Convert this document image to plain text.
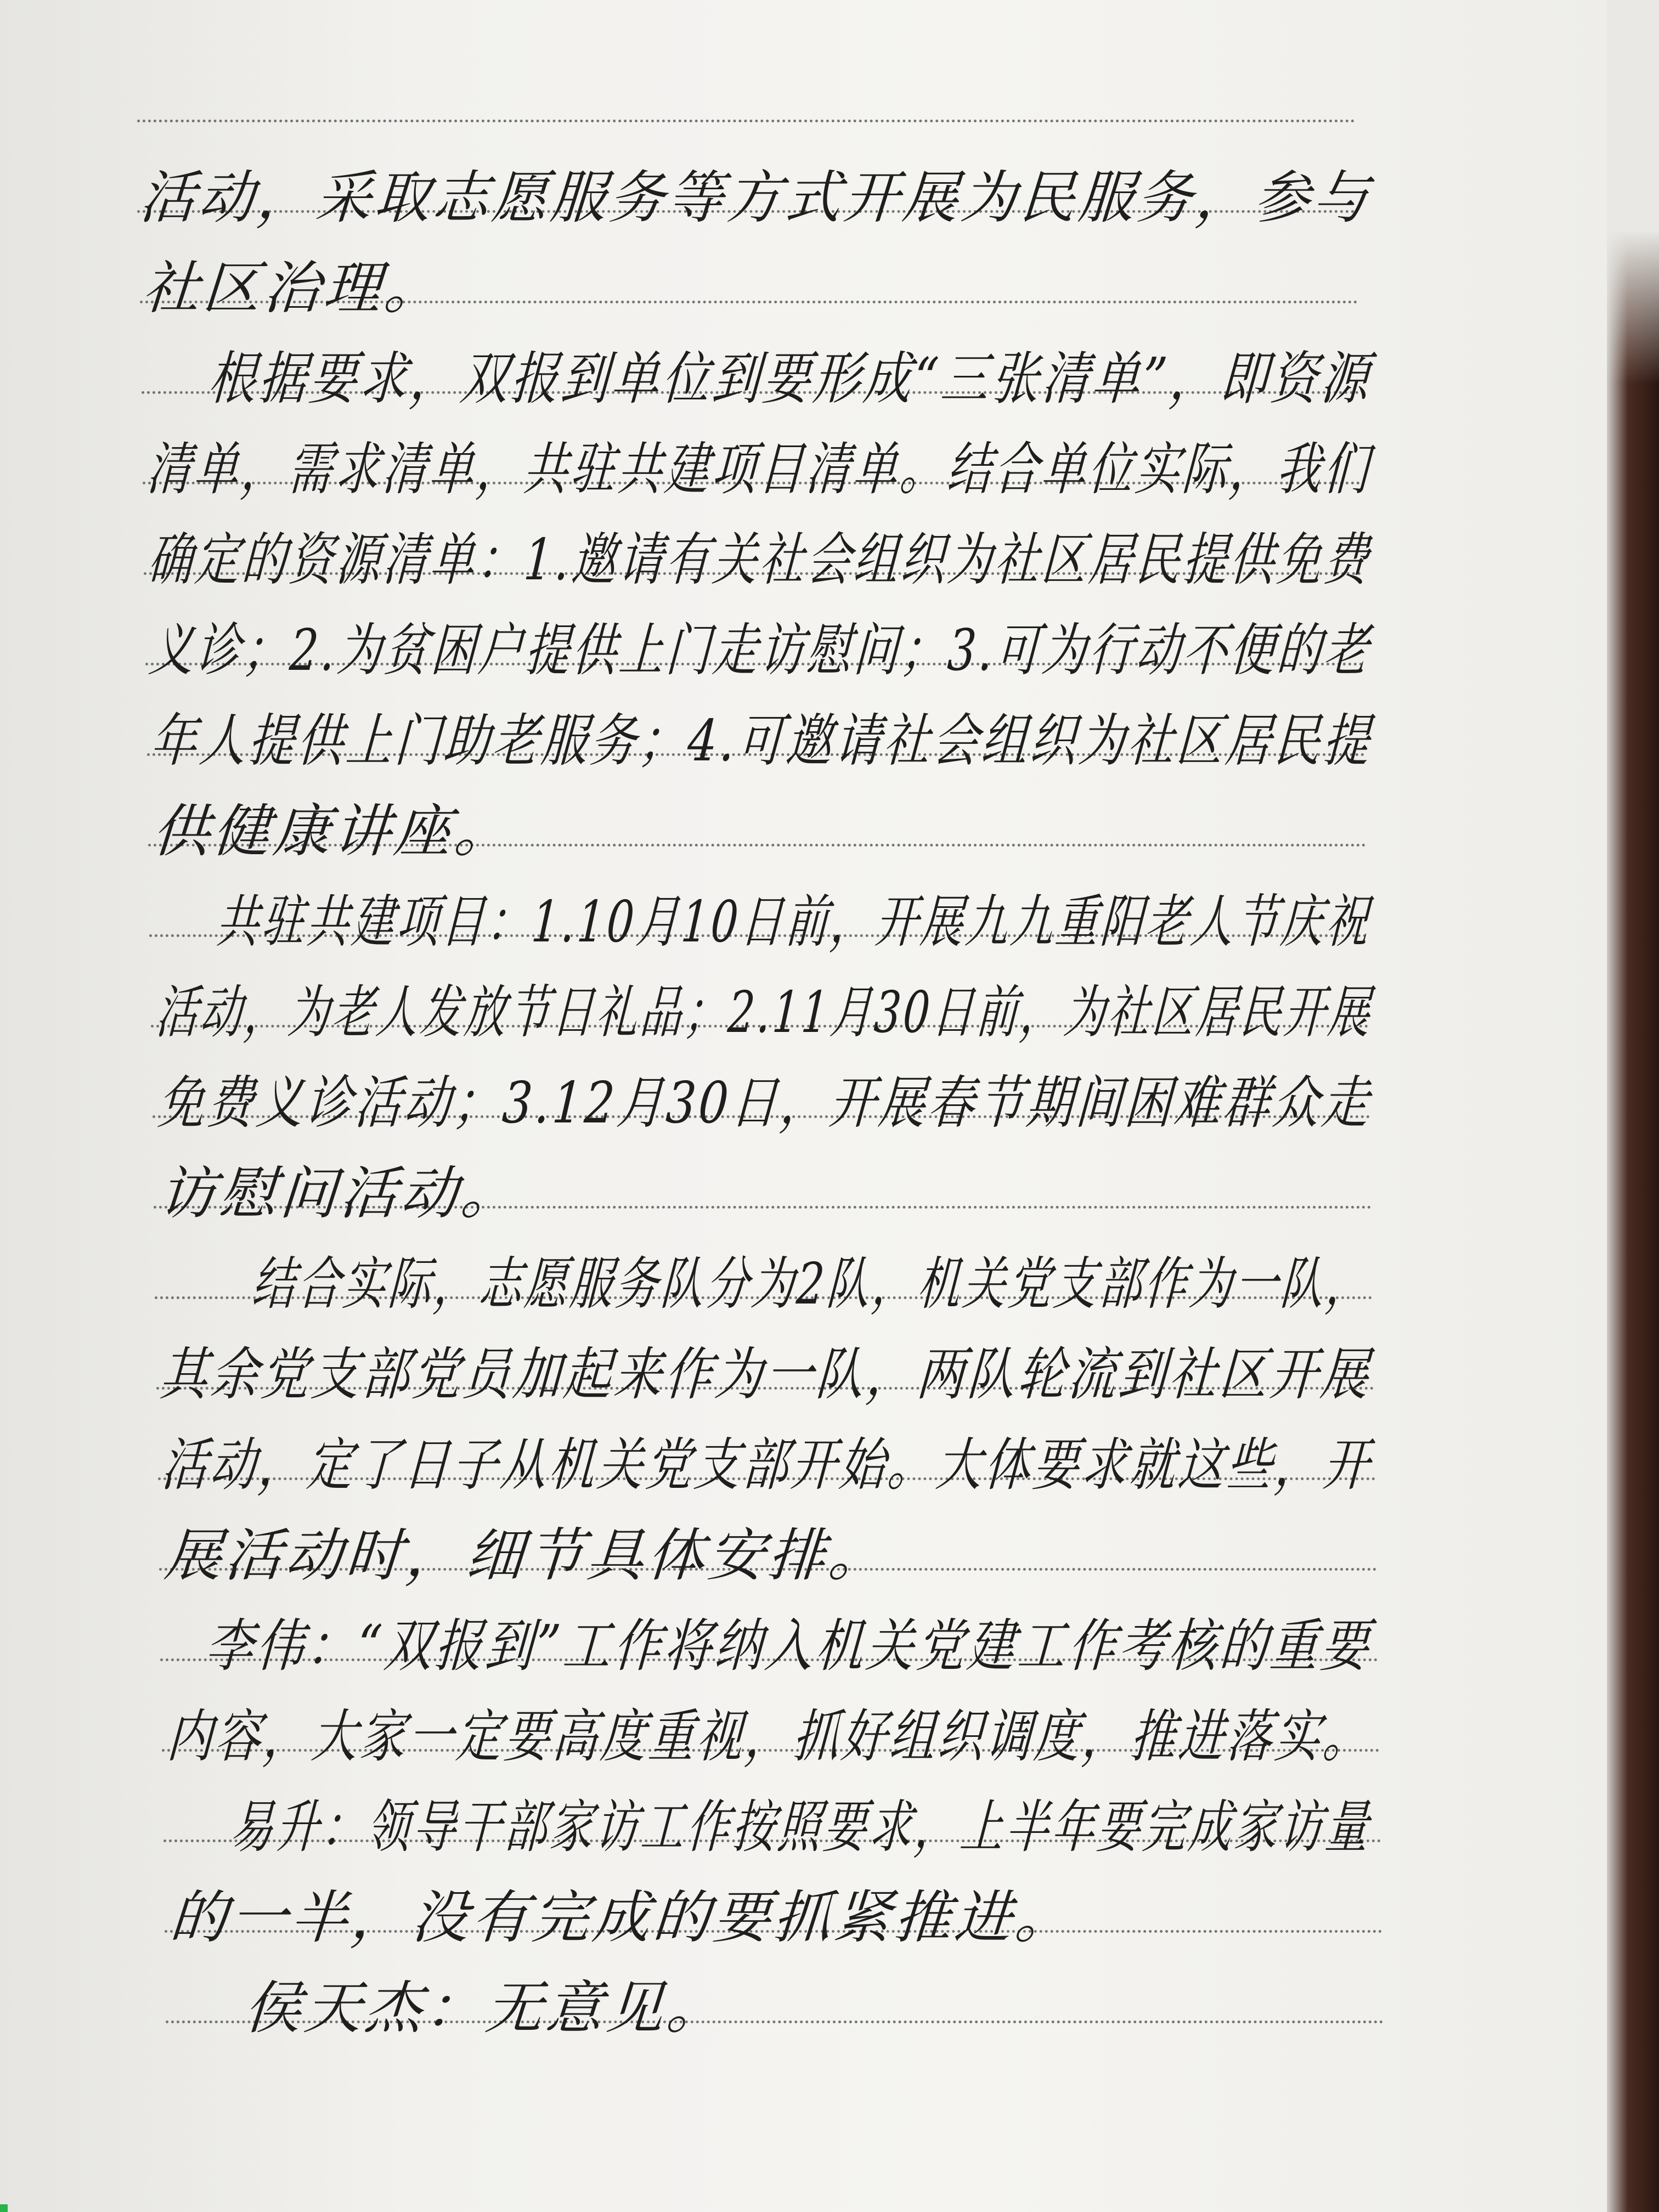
活动，采取志愿服务等方式开展为民服务，参与
社区治理。
根据要求，双报到单位到要形成“三张清单”，即资源
清单，需求清单，共驻共建项目清单。结合单位实际，我们
确定的资源清单：1.邀请有关社会组织为社区居民提供免费
义诊；2.为贫困户提供上门走访慰问；3.可为行动不便的老
年人提供上门助老服务；4.可邀请社会组织为社区居民提
供健康讲座。
共驻共建项目：1.10月10日前，开展九九重阳老人节庆祝
活动，为老人发放节日礼品；2.11月30日前，为社区居民开展
免费义诊活动；3.12月30日，开展春节期间困难群众走
访慰问活动。
结合实际，志愿服务队分为2队，机关党支部作为一队，
其余党支部党员加起来作为一队，两队轮流到社区开展
活动，定了日子从机关党支部开始。大体要求就这些，开
展活动时，细节具体安排。
李伟：“双报到”工作将纳入机关党建工作考核的重要
内容，大家一定要高度重视，抓好组织调度，推进落实。
易升：领导干部家访工作按照要求，上半年要完成家访量
的一半，没有完成的要抓紧推进。
侯天杰：无意见。
